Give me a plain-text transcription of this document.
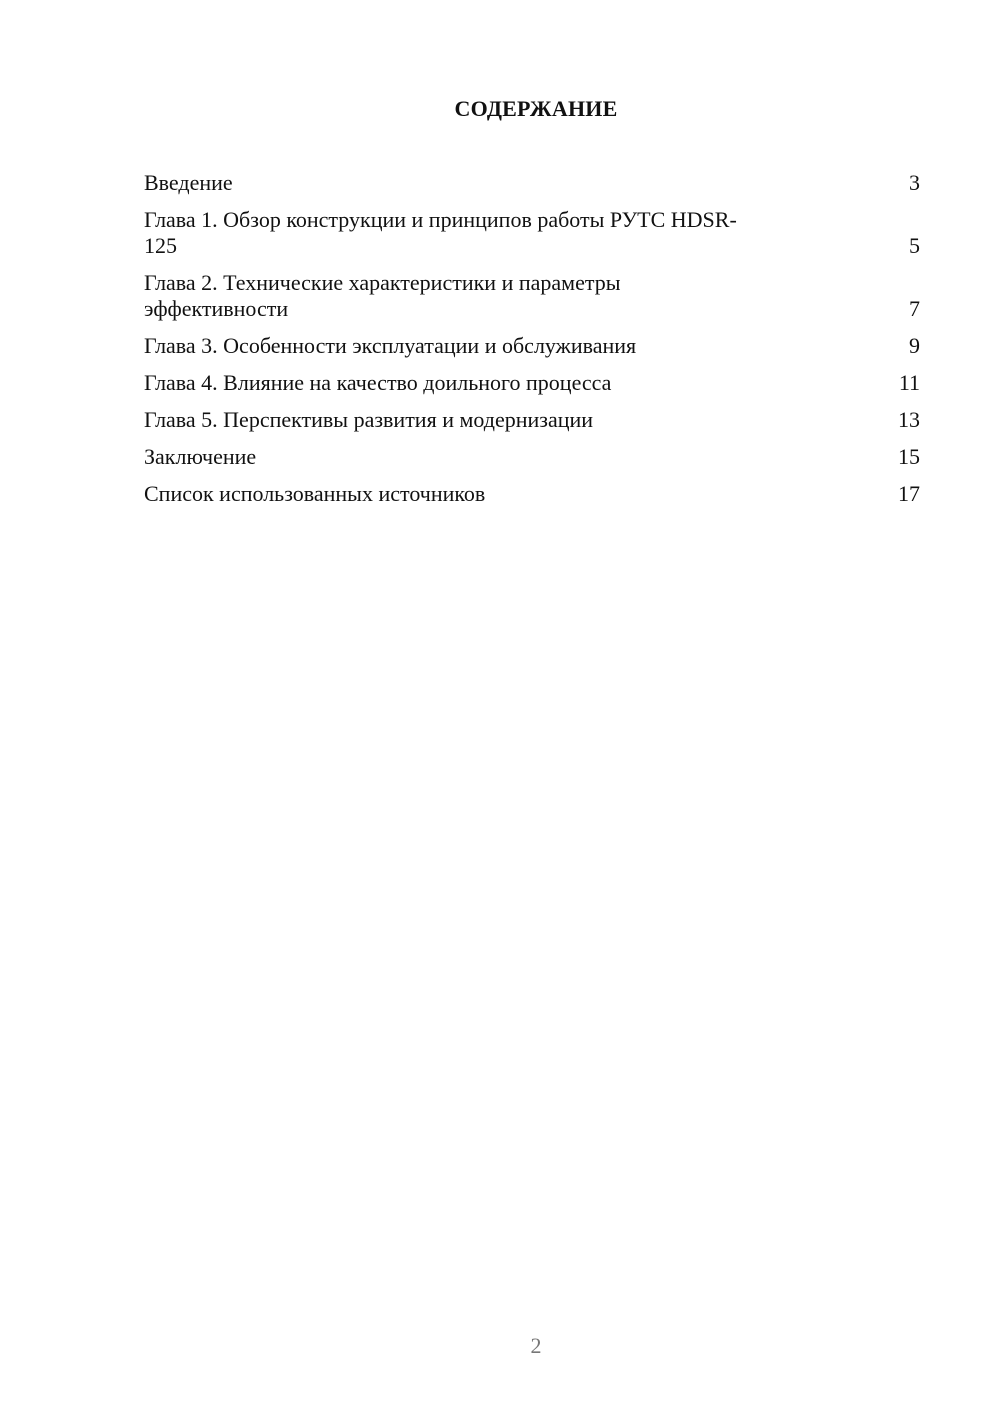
СОДЕРЖАНИЕ
Введение	3
Глава 1. Обзор конструкции и принципов работы РУТС HDSR-125	5
Глава 2. Технические характеристики и параметры эффективности	7
Глава 3. Особенности эксплуатации и обслуживания	9
Глава 4. Влияние на качество доильного процесса	11
Глава 5. Перспективы развития и модернизации	13
Заключение	15
Список использованных источников	17
2
